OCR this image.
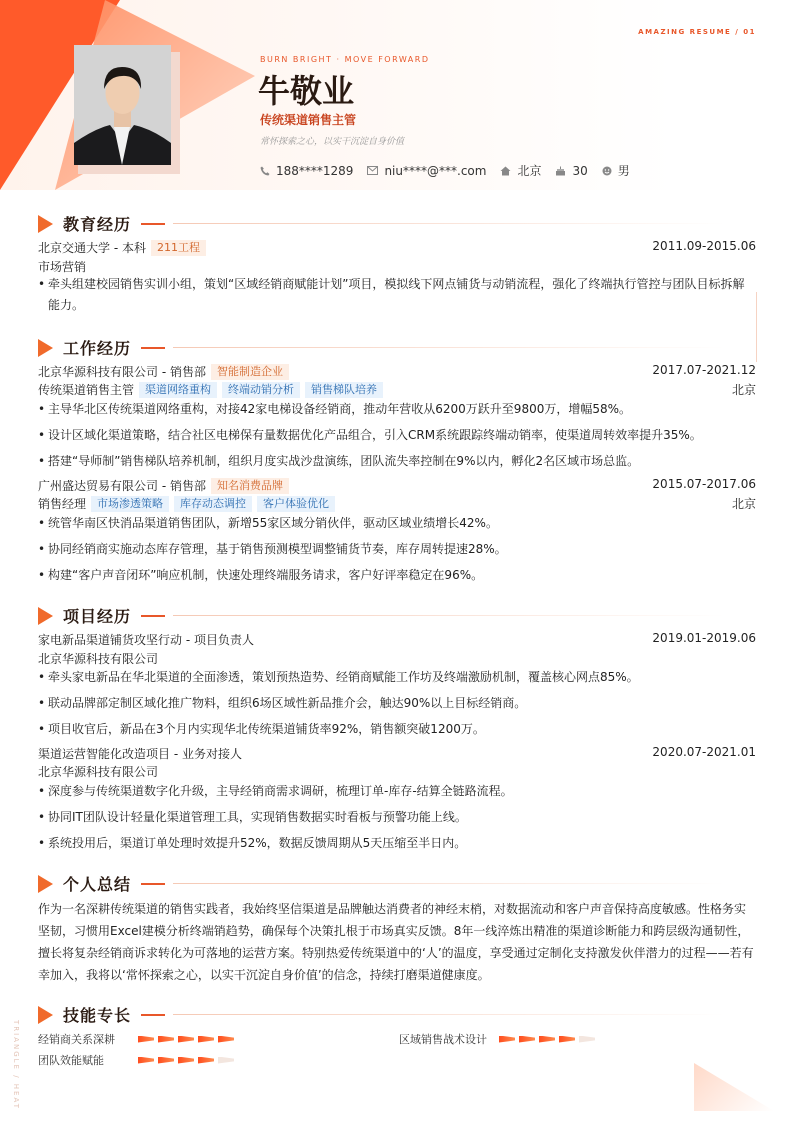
AMAZING RESUME / 01
BURN BRIGHT · MOVE FORWARD
牛敬业
传统渠道销售主管
常怀探索之心，以实干沉淀自身价值
188****1289	niu****@***.com	北京	30	男
教育经历
北京交通大学 - 本科	211工程	2011.09-2015.06
市场营销
• 牵头组建校园销售实训小组，策划“区域经销商赋能计划”项目，模拟线下网点铺货与动销流程，强化了终端执行管控与团队目标拆解能力。
工作经历
北京华源科技有限公司 - 销售部	智能制造企业	2017.07-2021.12
传统渠道销售主管	渠道网络重构	终端动销分析	销售梯队培养	北京
• 主导华北区传统渠道网络重构，对接42家电梯设备经销商，推动年营收从6200万跃升至9800万，增幅58%。
• 设计区域化渠道策略，结合社区电梯保有量数据优化产品组合，引入CRM系统跟踪终端动销率，使渠道周转效率提升35%。
• 搭建“导师制”销售梯队培养机制，组织月度实战沙盘演练，团队流失率控制在9%以内，孵化2名区域市场总监。
广州盛达贸易有限公司 - 销售部	知名消费品牌	2015.07-2017.06
销售经理	市场渗透策略	库存动态调控	客户体验优化	北京
• 统管华南区快消品渠道销售团队，新增55家区域分销伙伴，驱动区域业绩增长42%。
• 协同经销商实施动态库存管理，基于销售预测模型调整铺货节奏，库存周转提速28%。
• 构建“客户声音闭环”响应机制，快速处理终端服务请求，客户好评率稳定在96%。
项目经历
家电新品渠道铺货攻坚行动 - 项目负责人	2019.01-2019.06
北京华源科技有限公司
• 牵头家电新品在华北渠道的全面渗透，策划预热造势、经销商赋能工作坊及终端激励机制，覆盖核心网点85%。
• 联动品牌部定制区域化推广物料，组织6场区域性新品推介会，触达90%以上目标经销商。
• 项目收官后，新品在3个月内实现华北传统渠道铺货率92%，销售额突破1200万。
渠道运营智能化改造项目 - 业务对接人	2020.07-2021.01
北京华源科技有限公司
• 深度参与传统渠道数字化升级，主导经销商需求调研，梳理订单-库存-结算全链路流程。
• 协同IT团队设计轻量化渠道管理工具，实现销售数据实时看板与预警功能上线。
• 系统投用后，渠道订单处理时效提升52%，数据反馈周期从5天压缩至半日内。
个人总结
作为一名深耕传统渠道的销售实践者，我始终坚信渠道是品牌触达消费者的神经末梢，对数据流动和客户声音保持高度敏感。性格务实坚韧，习惯用Excel建模分析终端销趋势，确保每个决策扎根于市场真实反馈。8年一线淬炼出精准的渠道诊断能力和跨层级沟通韧性，擅长将复杂经销商诉求转化为可落地的运营方案。特别热爱传统渠道中的‘人’的温度，享受通过定制化支持激发伙伴潜力的过程——若有幸加入，我将以‘常怀探索之心，以实干沉淀自身价值’的信念，持续打磨渠道健康度。
技能专长
经销商关系深耕	区域销售战术设计
团队效能赋能
TRIANGLE / HEAT
